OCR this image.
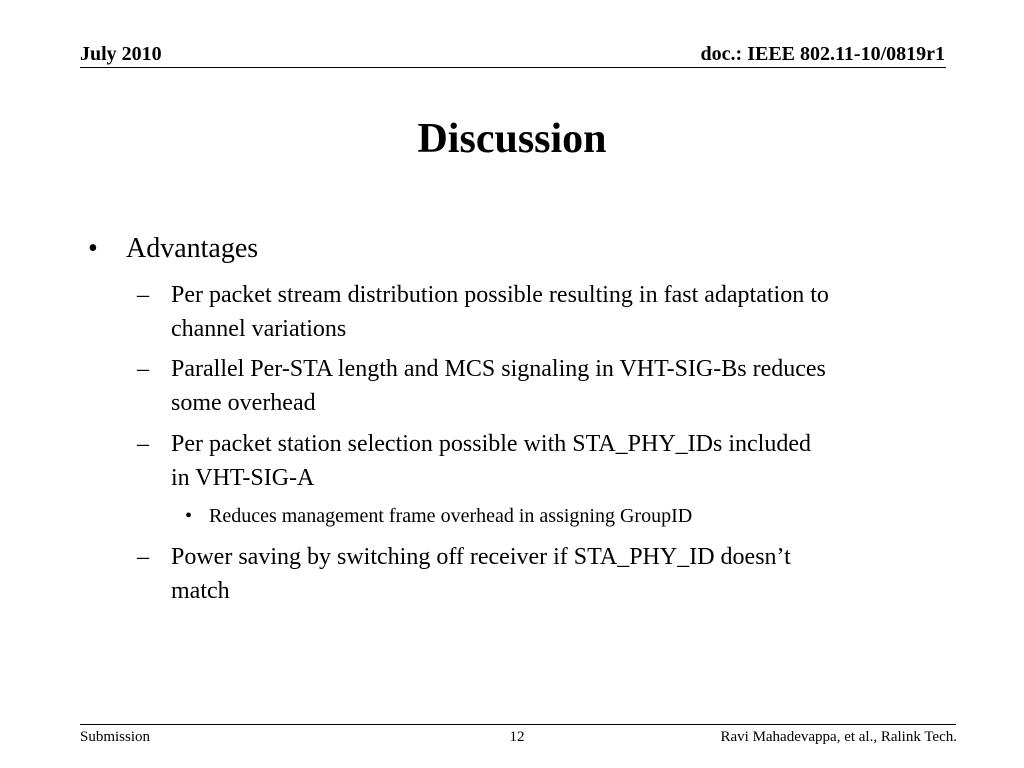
July 2010	doc.: IEEE 802.11-10/0819r1
Discussion
• Advantages
– Per packet stream distribution possible resulting in fast adaptation to
channel variations
– Parallel Per-STA length and MCS signaling in VHT-SIG-Bs reduces
some overhead
– Per packet station selection possible with STA_PHY_IDs included
in VHT-SIG-A
• Reduces management frame overhead in assigning GroupID
– Power saving by switching off receiver if STA_PHY_ID doesn’t
match
Submission	12	Ravi Mahadevappa, et al., Ralink Tech.
